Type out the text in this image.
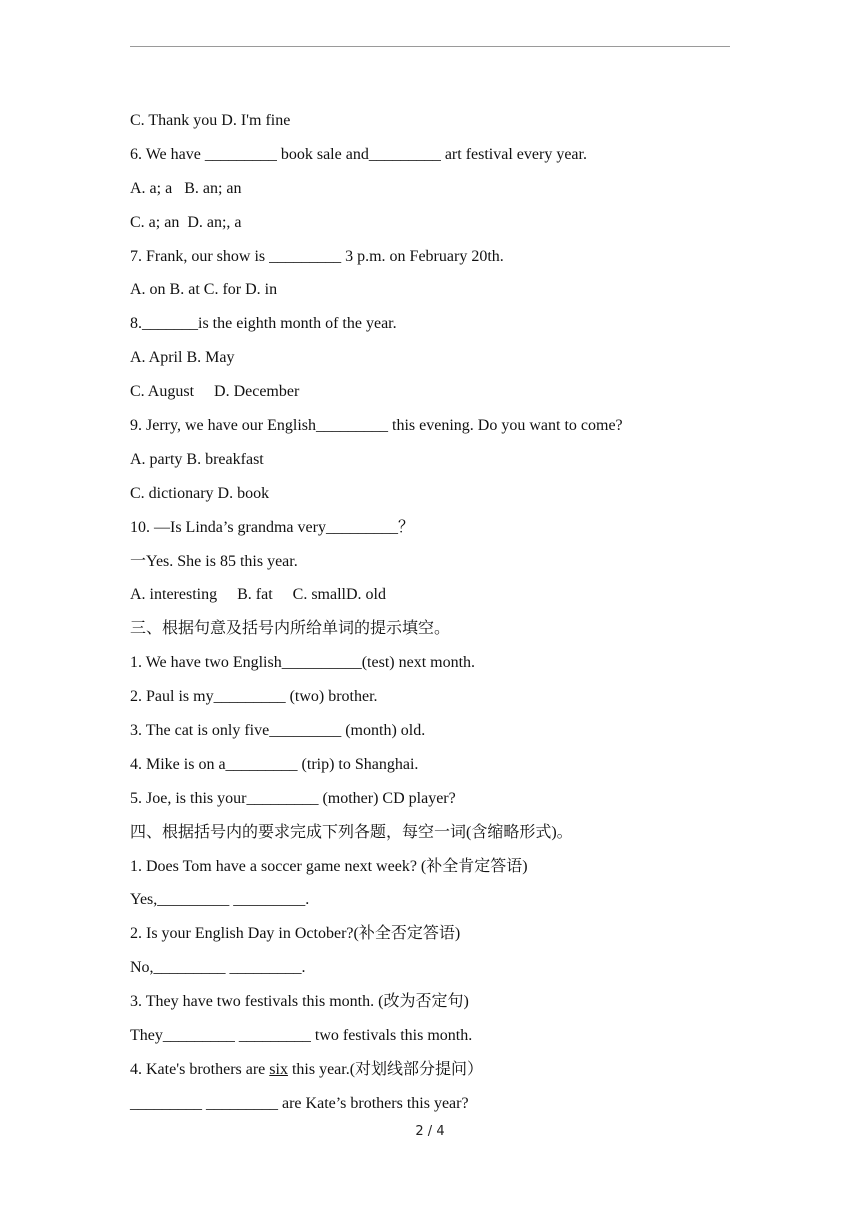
C. Thank you D. I'm fine
6. We have _________ book sale and_________ art festival every year.
A. a; a   B. an; an
C. a; an  D. an;, a
7. Frank, our show is _________ 3 p.m. on February 20th.
A. on B. at C. for D. in
8._______is the eighth month of the year.
A. April B. May
C. August     D. December
9. Jerry, we have our English_________ this evening. Do you want to come?
A. party B. breakfast
C. dictionary D. book
10. —Is Linda’s grandma very_________？
一Yes. She is 85 this year.
A. interesting     B. fat     C. smallD. old
三、根据句意及括号内所给单词的提示填空。
1. We have two English__________(test) next month.
2. Paul is my_________ (two) brother.
3. The cat is only five_________ (month) old.
4. Mike is on a_________ (trip) to Shanghai.
5. Joe, is this your_________ (mother) CD player?
四、根据括号内的要求完成下列各题，每空一词(含缩略形式)。
1. Does Tom have a soccer game next week? (补全肯定答语)
Yes,_________ _________.
2. Is your English Day in October?(补全否定答语)
No,_________ _________.
3. They have two festivals this month. (改为否定句)
They_________ _________ two festivals this month.
4. Kate's brothers are six this year.(对划线部分提问）
_________ _________ are Kate’s brothers this year?
2 / 4
